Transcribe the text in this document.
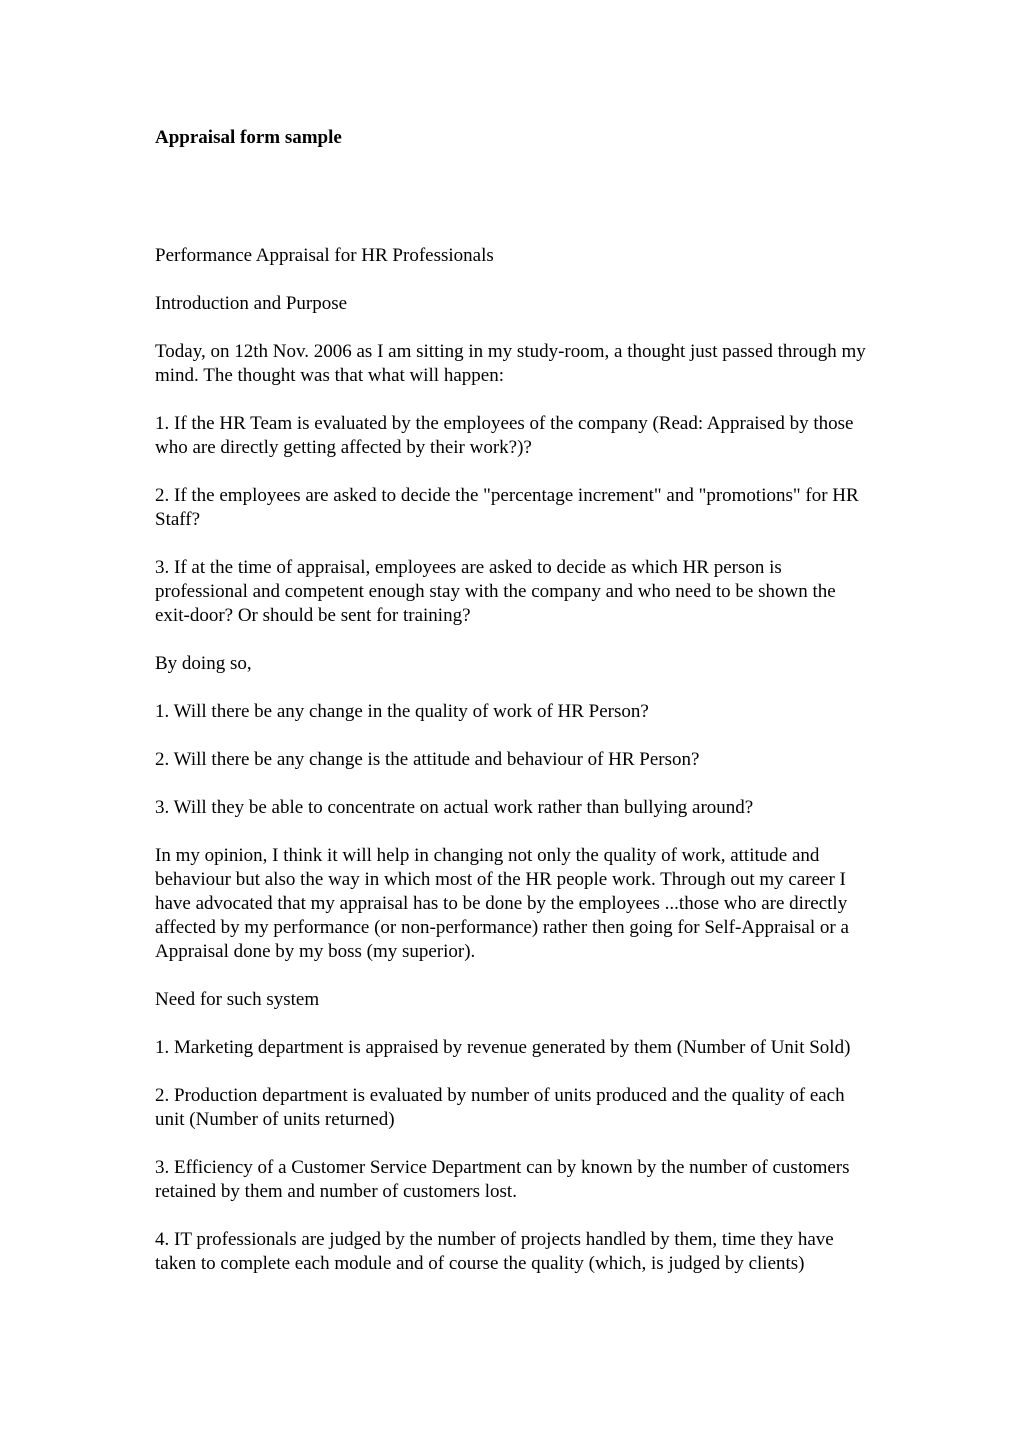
Appraisal form sample

Performance Appraisal for HR Professionals

Introduction and Purpose

Today, on 12th Nov. 2006 as I am sitting in my study-room, a thought just passed through my mind. The thought was that what will happen:

1. If the HR Team is evaluated by the employees of the company (Read: Appraised by those who are directly getting affected by their work?)?

2. If the employees are asked to decide the "percentage increment" and "promotions" for HR Staff?

3. If at the time of appraisal, employees are asked to decide as which HR person is professional and competent enough stay with the company and who need to be shown the exit-door? Or should be sent for training?

By doing so,

1. Will there be any change in the quality of work of HR Person?

2. Will there be any change is the attitude and behaviour of HR Person?

3. Will they be able to concentrate on actual work rather than bullying around?

In my opinion, I think it will help in changing not only the quality of work, attitude and behaviour but also the way in which most of the HR people work. Through out my career I have advocated that my appraisal has to be done by the employees ...those who are directly affected by my performance (or non-performance) rather then going for Self-Appraisal or a Appraisal done by my boss (my superior).

Need for such system

1. Marketing department is appraised by revenue generated by them (Number of Unit Sold)

2. Production department is evaluated by number of units produced and the quality of each unit (Number of units returned)

3. Efficiency of a Customer Service Department can by known by the number of customers retained by them and number of customers lost.

4. IT professionals are judged by the number of projects handled by them, time they have taken to complete each module and of course the quality (which, is judged by clients)
